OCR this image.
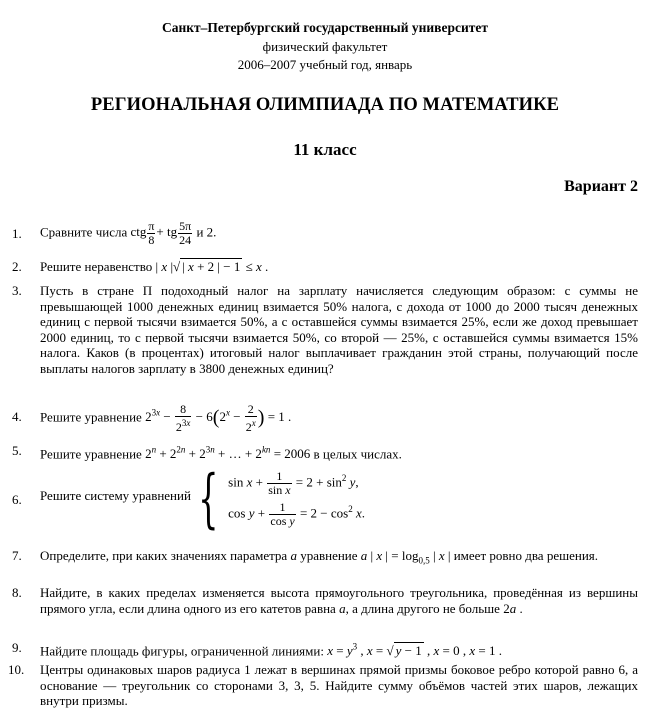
Санкт–Петербургский государственный университет
физический факультет
2006–2007 учебный год, январь
РЕГИОНАЛЬНАЯ ОЛИМПИАДА ПО МАТЕМАТИКЕ
11 класс
Вариант 2
1. Сравните числа ctg $\frac{\pi}{8}$ + tg $\frac{5\pi}{24}$ и 2.
2. Решите неравенство | x |√ | x + 2 | − 1 ≤ x .
3. Пусть в стране П подоходный налог на зарплату начисляется следующим образом: с суммы не превышающей 1000 денежных единиц взимается 50% налога, с дохода от 1000 до 2000 тысяч денежных единиц с первой тысячи взимается 50%, а с оставшейся суммы взимается 25%, если же доход превышает 2000 единиц, то с первой тысячи взимается 50%, со второй — 25%, с оставшейся суммы взимается 15% налога. Каков (в процентах) итоговый налог выплачивает гражданин этой страны, получающий после выплаты налогов зарплату в 3800 денежных единиц?
4. Решите уравнение $2^{3x} - \frac{8}{2^{3x}} - 6(2^x - \frac{2}{2^x}$ ) = 1 .
5. Решите уравнение $2^n + 2^{2n} + 2^{3n}$ + … + $2^{kn} = 2006$ в целых числах.
6. Решите систему уравнений { $\sin x + \frac{1}{\text{sin x}} = 2 + \sin^2 y$,
$\cos y + \frac{1}{\text{cos y}} = 2 - \cos^2 x$.
7. Определите, при каких значениях параметра a уравнение a | x | = $\log_{0,5}$ | x | имеет ровно два решения.
8. Найдите, в каких пределах изменяется высота прямоугольного треугольника, проведённая из вершины прямого угла, если длина одного из его катетов равна a, а длина другого не больше 2a .
9. Найдите площадь фигуры, ограниченной линиями: $x = y^3$ , x = √ y − 1 , x = 0 , x = 1 .
10. Центры одинаковых шаров радиуса 1 лежат в вершинах прямой призмы боковое ребро которой равно 6, а основание — треугольник со сторонами 3, 3, 5. Найдите сумму объёмов частей этих шаров, лежащих внутри призмы.
